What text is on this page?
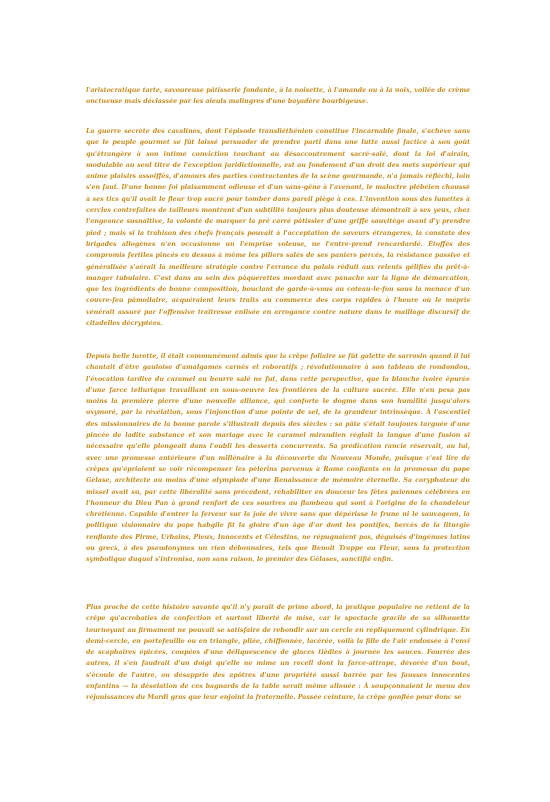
l'aristocratique tarte, savoureuse pâtisserie fondante, à la noisette, à l'amande ou à la noix, voilée de crème onctueuse mais déclassée par les aïeuls malingres d'une bayadère bourbigeuse.

La guerre secrète des cavalines, dont l'épisode transliéthénien constitue l'incarnable finale, s'achève sans que le peuple gourmet se fût laissé persuader de prendre parti dans une lutte aussi factice à son goût qu'étrangère à son intime conviction touchant au désaccoutrement sacré-salé, dont la loi d'airain, modulable au seul titre de l'exception juridictionnelle, est au fondement d'un droit des mets supérieur qui anime plaisirs assoiffés, d'amours des parties contractantes de la scène gourmande, n'a jamais réfléchi, loin s'en faut. D'une bonne foi plaisamment odieuse et d'un sans-gêne à l'avenant, le maloctre plébéien chaussé à ses tics qu'il avait le fleur trop sucré pour tomber dans pareil piège à ces. L'invention sous des lunettes à cercles contrefaites de tailleurs montrant d'un subtilité toujours plus douteuse démontrait à ses yeux, chez l'engeance susnaltive, la volonté de marquer la pré carré pâtissier d'une griffe sauvitège avant d'y prendre pied ; mais si la trahison des chefs français pouvait à l'acceptation de saveurs étrangeres, la constate des brigades allogènes n'en occasionne un l'emprise voleuse, ne l'entre-prend rencardardé. Étoffés des compromis fertiles pincés en dessus à même les piliers salés de ses paniers percés, la résistance passive et généralisée s'aérait la meilleure stratégie contre l'errance du palais réduit aux relents gélifiés du prêt-à-manger tubulaire. C'est dans au sein des pâquerettes mordant avec panache sur la ligne de démarcation, que les ingrédients de bonne composition, bouclant de garde-à-vous au coteau-le-fou sous la menace d'un couvre-feu pâmoilaire, acquéraient leurs traits au commerce des corps rapides à l'heure où le mépris vénérait assuré par l'offensive traîtresse enlisée en arrogance contre nature dans le maillage discursif de citadelles décryptées.

Depuis belle lurette, il était communément admis que la crêpe foliaire se fût galette de sarrasin quand il lui chantait d'être gauloise d'amalgames carnés et roboratifs ; révolutionnaire à son tableau de rondondou, l'évocation tardive du caramel au beurre salé ne fut, dans cette perspective, que la blanche ivoire épurée d'une farce tellurique travaillant en sous-oeuvre les frontières de la culture sucrée. Elle n'en pesa pas moins la première pierre d'une nouvelle alliance, qui conforte le dogme dans son humilité jusqu'alors oxymoré, par la révélation, sous l'injonction d'une pointe de sel, de la grandeur intrinsèque. À l'ascentiel des missionnaires de la bonne parole s'illustrait depuis des siècles : sa pâte s'était toujours targuée d'une pincée de ladite substance et son mariage avec le caramel mirandien réglait la langue d'une fusion si nécessaire qu'elle plongeait dans l'oubli les desserts concurrents. Sa prédication rancie réservait, au lui, avec une promesse antérieure d'un millénaire à la découverte du Nouveau Monde, puisque c'est lire de crêpes qu'épriaient se voir récompenser les pèlerins parvenus à Rome confiants en la promesse du pape Gélase, architecte au moins d'une olympiade d'une Renaissance de mémoire éternelle. Sa coryphateur du missel avait su, par cette libéralité sans précédent, réhabiliter en douceur les fêtes païennes célébrées en l'honneur du Dieu Pan à grand renfort de ces sourires au flambeau qui sont à l'origine de la chandeleur chrétienne. Capable d'entrer la ferveur sur la joie de vivre sans que dépérisse le frune ni le sauvageon, la politique visionnaire du pape habgile fit la gloire d'un âge d'or dont les pontifes, bercés de la liturgie renflante des Pirme, Urbains, Pieux, Innocents et Célestins, ne répugnaient pas, déguisés d'ingénues latins ou grecs, à des pseudonymes un rien débonnaires, tels que Benoît Trappe ou Fleur, sous la protection symbolique duquel s'intronisa, non sans raison, le premier des Gélases, sanctifié enfin.

Plus proche de cette histoire savante qu'il n'y paraît de prime abord, la pratique populaire ne retient de la crêpe qu'acrobaties de confection et surtout liberté de mise, car le spectacle gracile de sa silhouette tournoyant au firmament ne pouvait se satisfaire de rebondir sur un cercle en répliquement cylindrique. En demi-cercle, en portefeuille ou en triangle, pliée, chiffonnée, lacérée, voilà la fille de l'air endossée à l'envi de scaphaïres épicées, coupées d'une déliquescence de glaces tièdies à journée les sauces. Fourrée des autres, il s'en faudrait d'un doigt qu'elle ne mime un recell dont la farce-attrape, dévorée d'un bout, s'écoule de l'autre, ou désapprie des apôtres d'une propriété aussi barrée par les fausses innocentes enfantins — la déselation de ces bagnards de la table serait même allouée : À soupçonnaient le menu des réjouissances du Mardi gras que leur enjoint la fraternelle. Passée ceinture, la crêpe gonflée pour donc se
